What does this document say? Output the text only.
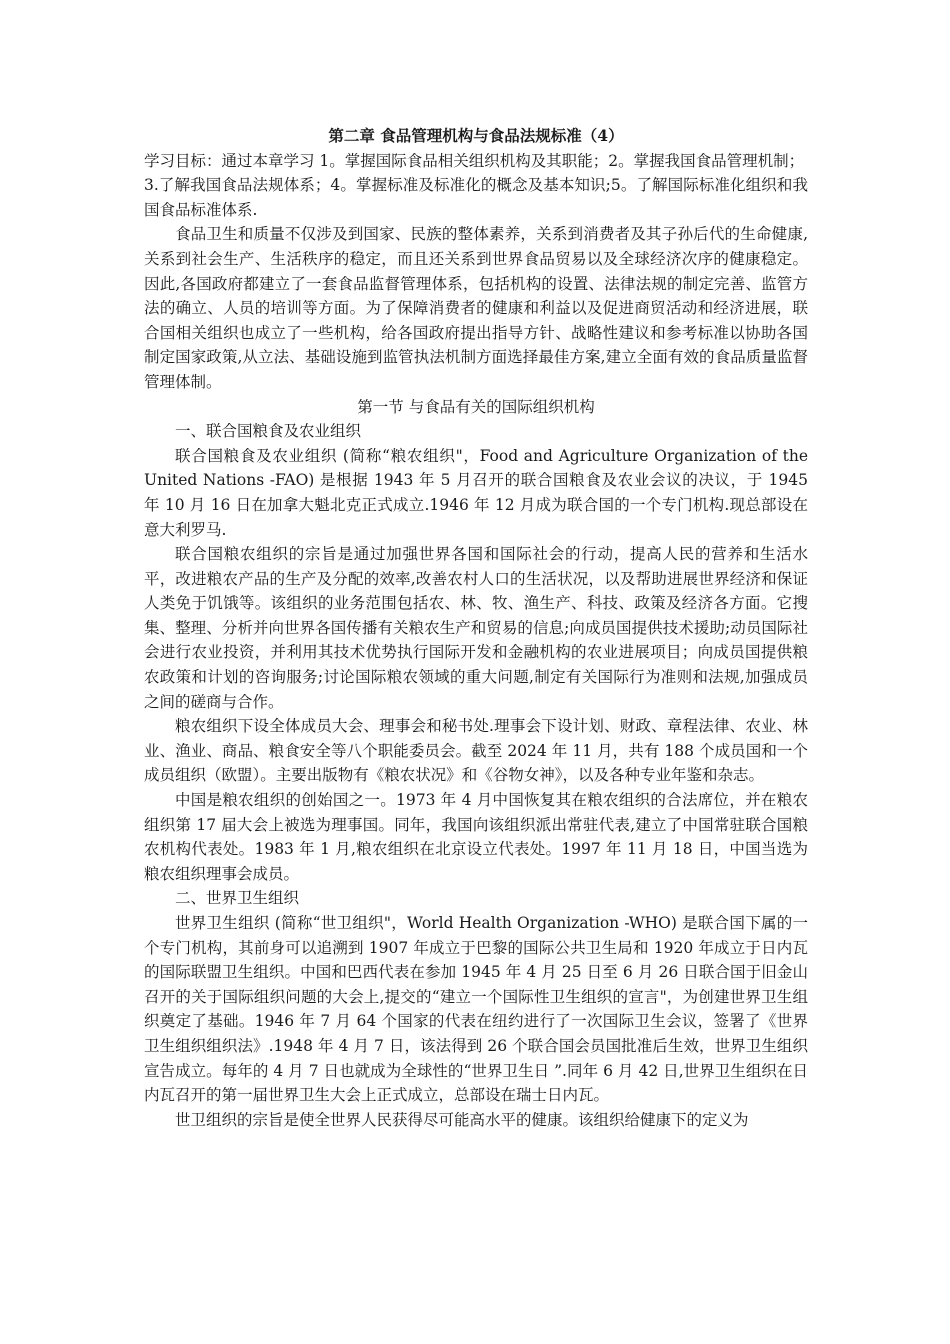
第二章 食品管理机构与食品法规标准（4）

学习目标：通过本章学习 1。掌握国际食品相关组织机构及其职能；2。掌握我国食品管理机制；

3.了解我国食品法规体系；4。掌握标准及标准化的概念及基本知识;5。了解国际标准化组织和我国食品标准体系.

食品卫生和质量不仅涉及到国家、民族的整体素养，关系到消费者及其子孙后代的生命健康,关系到社会生产、生活秩序的稳定，而且还关系到世界食品贸易以及全球经济次序的健康稳定。因此,各国政府都建立了一套食品监督管理体系，包括机构的设置、法律法规的制定完善、监管方法的确立、人员的培训等方面。为了保障消费者的健康和利益以及促进商贸活动和经济进展，联合国相关组织也成立了一些机构，给各国政府提出指导方针、战略性建议和参考标准以协助各国制定国家政策,从立法、基础设施到监管执法机制方面选择最佳方案,建立全面有效的食品质量监督管理体制。

第一节 与食品有关的国际组织机构

一、联合国粮食及农业组织

联合国粮食及农业组织 (简称“粮农组织"，Food and Agriculture Organization of the United Nations -FAO) 是根据 1943 年 5 月召开的联合国粮食及农业会议的决议，于 1945 年 10 月 16 日在加拿大魁北克正式成立.1946 年 12 月成为联合国的一个专门机构.现总部设在意大利罗马.

联合国粮农组织的宗旨是通过加强世界各国和国际社会的行动，提高人民的营养和生活水平，改进粮农产品的生产及分配的效率,改善农村人口的生活状况，以及帮助进展世界经济和保证人类免于饥饿等。该组织的业务范围包括农、林、牧、渔生产、科技、政策及经济各方面。它搜集、整理、分析并向世界各国传播有关粮农生产和贸易的信息;向成员国提供技术援助;动员国际社会进行农业投资，并利用其技术优势执行国际开发和金融机构的农业进展项目；向成员国提供粮农政策和计划的咨询服务;讨论国际粮农领域的重大问题,制定有关国际行为准则和法规,加强成员之间的磋商与合作。

粮农组织下设全体成员大会、理事会和秘书处.理事会下设计划、财政、章程法律、农业、林业、渔业、商品、粮食安全等八个职能委员会。截至 2024 年 11 月，共有 188 个成员国和一个成员组织（欧盟）。主要出版物有《粮农状况》和《谷物女神》，以及各种专业年鉴和杂志。

中国是粮农组织的创始国之一。1973 年 4 月中国恢复其在粮农组织的合法席位，并在粮农组织第 17 届大会上被选为理事国。同年，我国向该组织派出常驻代表,建立了中国常驻联合国粮农机构代表处。1983 年 1 月,粮农组织在北京设立代表处。1997 年 11 月 18 日，中国当选为粮农组织理事会成员。

二、世界卫生组织

世界卫生组织 (简称“世卫组织"，World Health Organization -WHO) 是联合国下属的一个专门机构，其前身可以追溯到 1907 年成立于巴黎的国际公共卫生局和 1920 年成立于日内瓦的国际联盟卫生组织。中国和巴西代表在参加 1945 年 4 月 25 日至 6 月 26 日联合国于旧金山召开的关于国际组织问题的大会上,提交的“建立一个国际性卫生组织的宣言"，为创建世界卫生组织奠定了基础。1946 年 7 月 64 个国家的代表在纽约进行了一次国际卫生会议，签署了《世界卫生组织组织法》.1948 年 4 月 7 日，该法得到 26 个联合国会员国批准后生效，世界卫生组织宣告成立。每年的 4 月 7 日也就成为全球性的“世界卫生日 ”.同年 6 月 42 日,世界卫生组织在日内瓦召开的第一届世界卫生大会上正式成立，总部设在瑞士日内瓦。

世卫组织的宗旨是使全世界人民获得尽可能高水平的健康。该组织给健康下的定义为
